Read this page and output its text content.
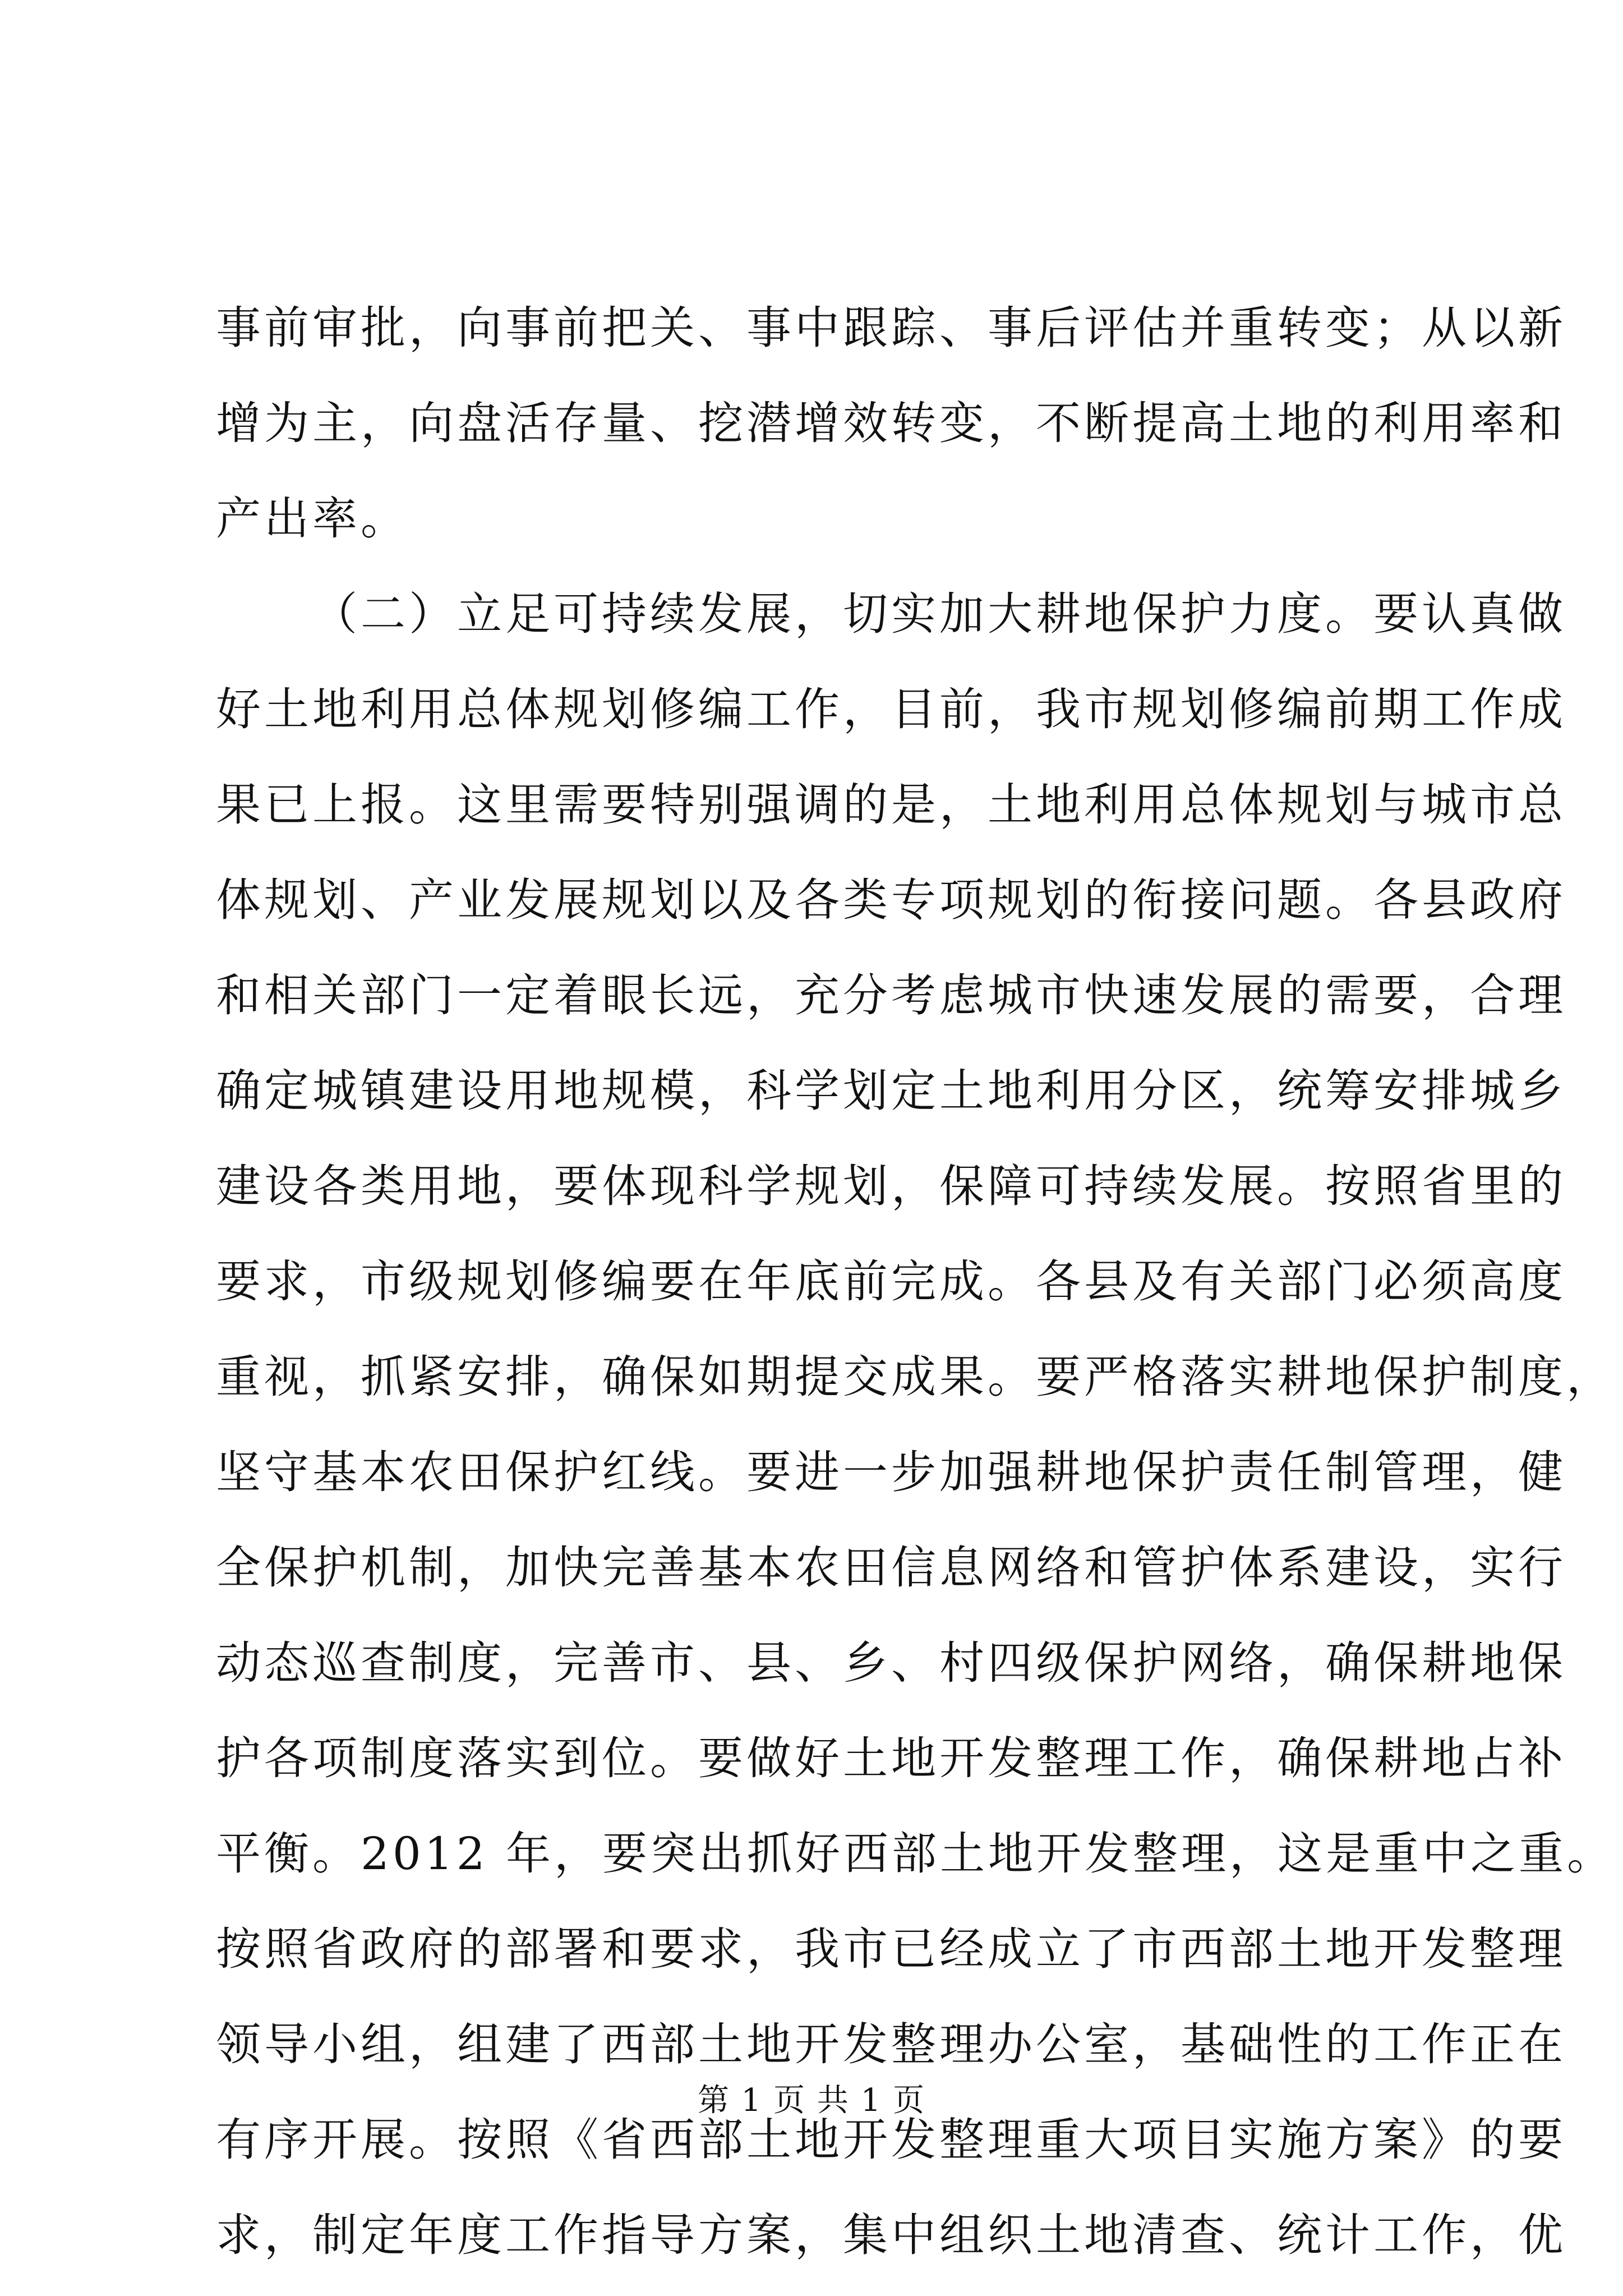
事前审批，向事前把关、事中跟踪、事后评估并重转变；从以新
增为主，向盘活存量、挖潜增效转变，不断提高土地的利用率和
产出率。
（二）立足可持续发展，切实加大耕地保护力度。要认真做
好土地利用总体规划修编工作，目前，我市规划修编前期工作成
果已上报。这里需要特别强调的是，土地利用总体规划与城市总
体规划、产业发展规划以及各类专项规划的衔接问题。各县政府
和相关部门一定着眼长远，充分考虑城市快速发展的需要，合理
确定城镇建设用地规模，科学划定土地利用分区，统筹安排城乡
建设各类用地，要体现科学规划，保障可持续发展。按照省里的
要求，市级规划修编要在年底前完成。各县及有关部门必须高度
重视，抓紧安排，确保如期提交成果。要严格落实耕地保护制度，
坚守基本农田保护红线。要进一步加强耕地保护责任制管理，健
全保护机制，加快完善基本农田信息网络和管护体系建设，实行
动态巡查制度，完善市、县、乡、村四级保护网络，确保耕地保
护各项制度落实到位。要做好土地开发整理工作，确保耕地占补
平衡。2012 年，要突出抓好西部土地开发整理，这是重中之重。
按照省政府的部署和要求，我市已经成立了市西部土地开发整理
领导小组，组建了西部土地开发整理办公室，基础性的工作正在
有序开展。按照《省西部土地开发整理重大项目实施方案》的要
求，制定年度工作指导方案，集中组织土地清查、统计工作，优
第 1 页 共 1 页
